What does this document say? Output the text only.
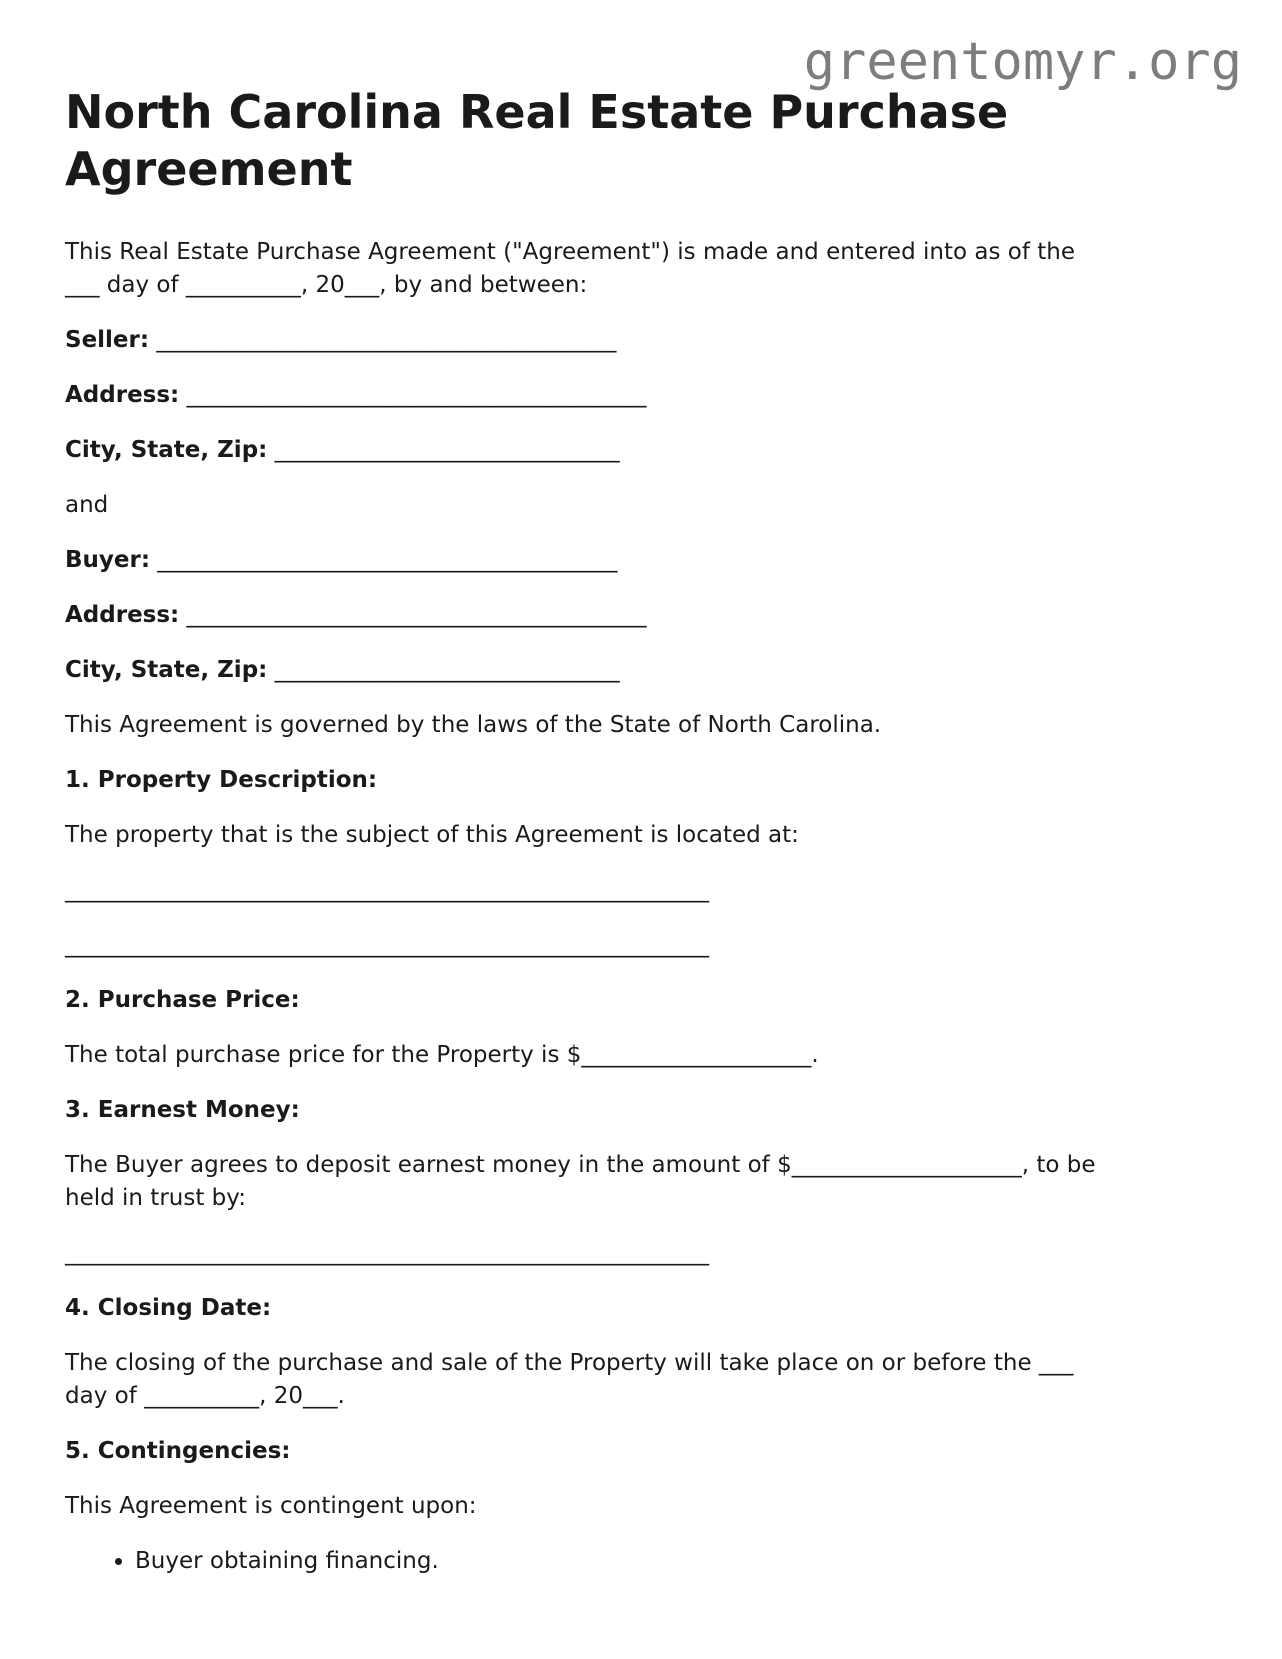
greentomyr.org
North Carolina Real Estate Purchase Agreement

This Real Estate Purchase Agreement ("Agreement") is made and entered into as of the
___ day of __________, 20___, by and between:

Seller: ________________________________________

Address: ________________________________________

City, State, Zip: ______________________________

and

Buyer: ________________________________________

Address: ________________________________________

City, State, Zip: ______________________________

This Agreement is governed by the laws of the State of North Carolina.

1. Property Description:

The property that is the subject of this Agreement is located at:

________________________________________________________

________________________________________________________

2. Purchase Price:

The total purchase price for the Property is $____________________.

3. Earnest Money:

The Buyer agrees to deposit earnest money in the amount of $____________________, to be
held in trust by:

________________________________________________________

4. Closing Date:

The closing of the purchase and sale of the Property will take place on or before the ___
day of __________, 20___.

5. Contingencies:

This Agreement is contingent upon:

• Buyer obtaining financing.
